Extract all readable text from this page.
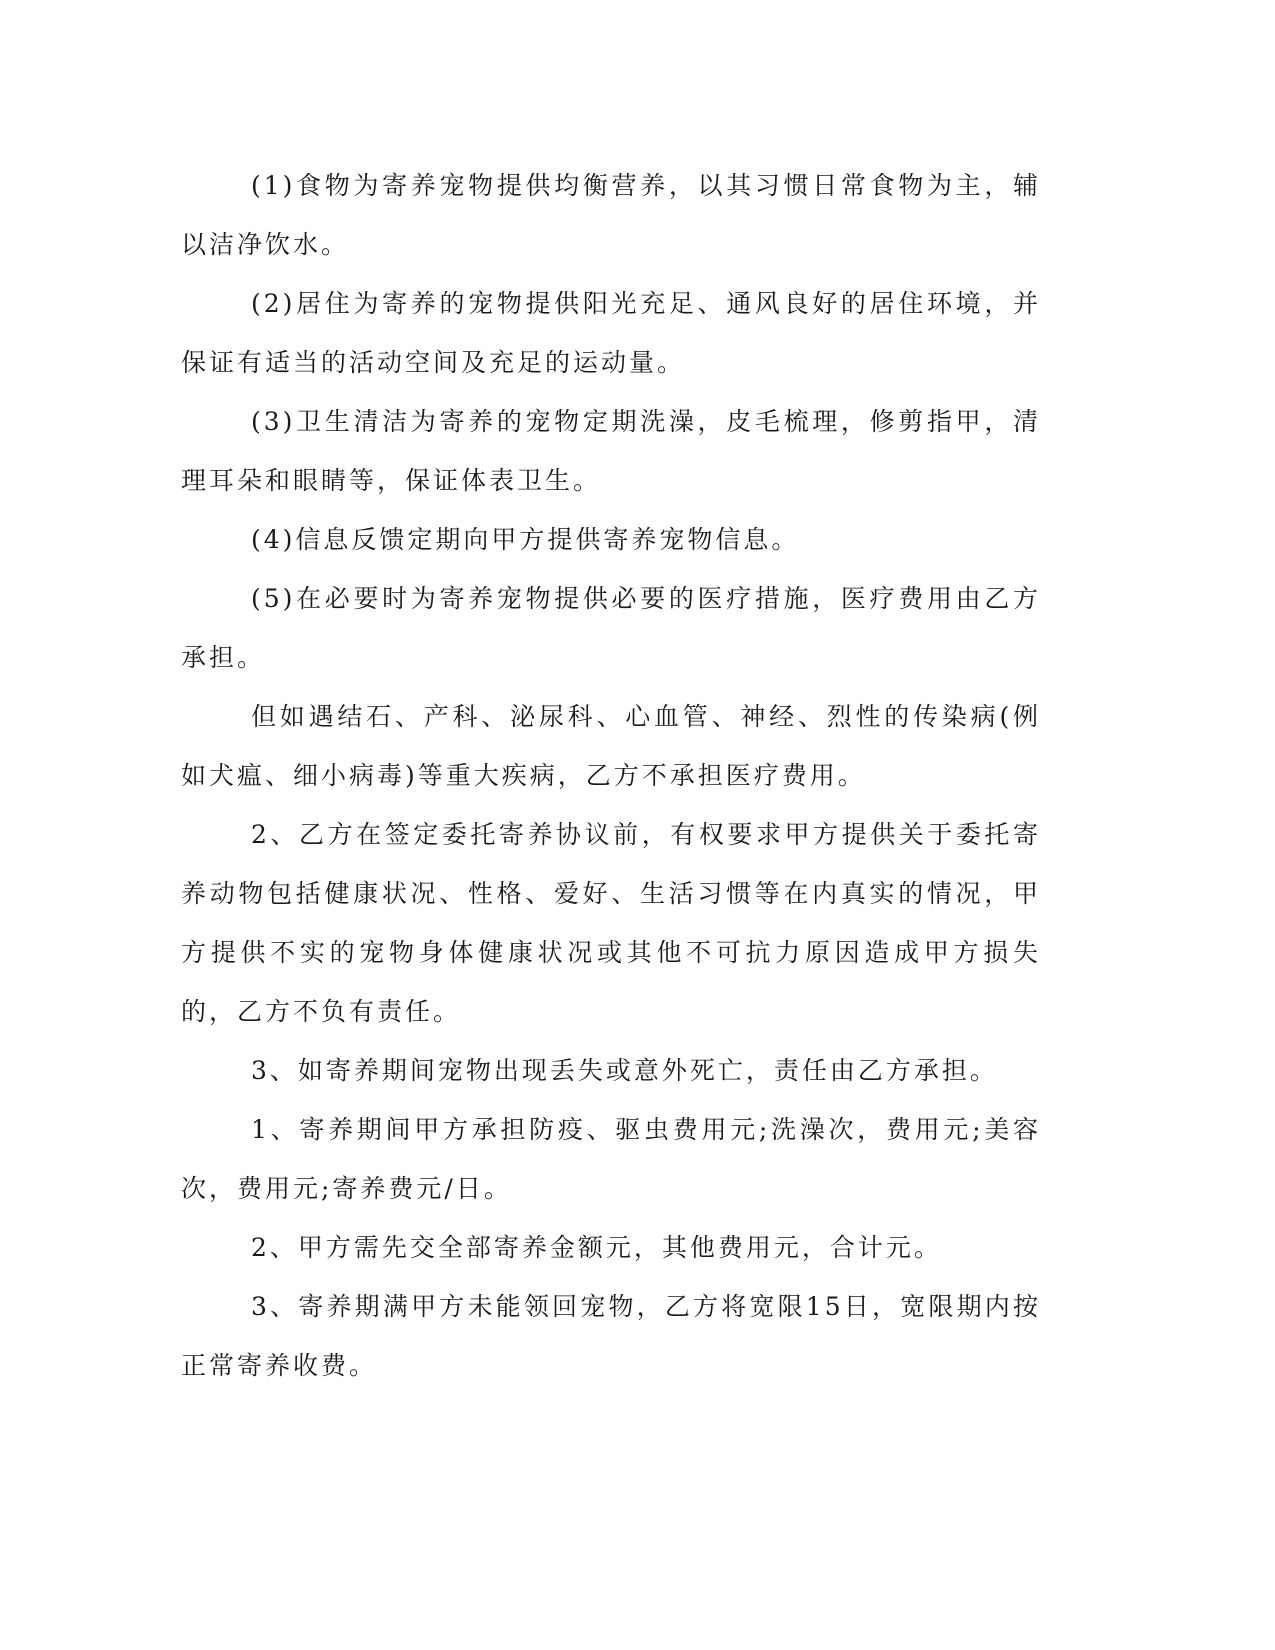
(1)食物为寄养宠物提供均衡营养，以其习惯日常食物为主，辅以洁净饮水。

(2)居住为寄养的宠物提供阳光充足、通风良好的居住环境，并保证有适当的活动空间及充足的运动量。

(3)卫生清洁为寄养的宠物定期洗澡，皮毛梳理，修剪指甲，清理耳朵和眼睛等，保证体表卫生。

(4)信息反馈定期向甲方提供寄养宠物信息。

(5)在必要时为寄养宠物提供必要的医疗措施，医疗费用由乙方承担。

但如遇结石、产科、泌尿科、心血管、神经、烈性的传染病(例如犬瘟、细小病毒)等重大疾病，乙方不承担医疗费用。

2、乙方在签定委托寄养协议前，有权要求甲方提供关于委托寄养动物包括健康状况、性格、爱好、生活习惯等在内真实的情况，甲方提供不实的宠物身体健康状况或其他不可抗力原因造成甲方损失的，乙方不负有责任。

3、如寄养期间宠物出现丢失或意外死亡，责任由乙方承担。

1、寄养期间甲方承担防疫、驱虫费用元;洗澡次，费用元;美容次，费用元;寄养费元/日。

2、甲方需先交全部寄养金额元，其他费用元，合计元。

3、寄养期满甲方未能领回宠物，乙方将宽限15日，宽限期内按正常寄养收费。
